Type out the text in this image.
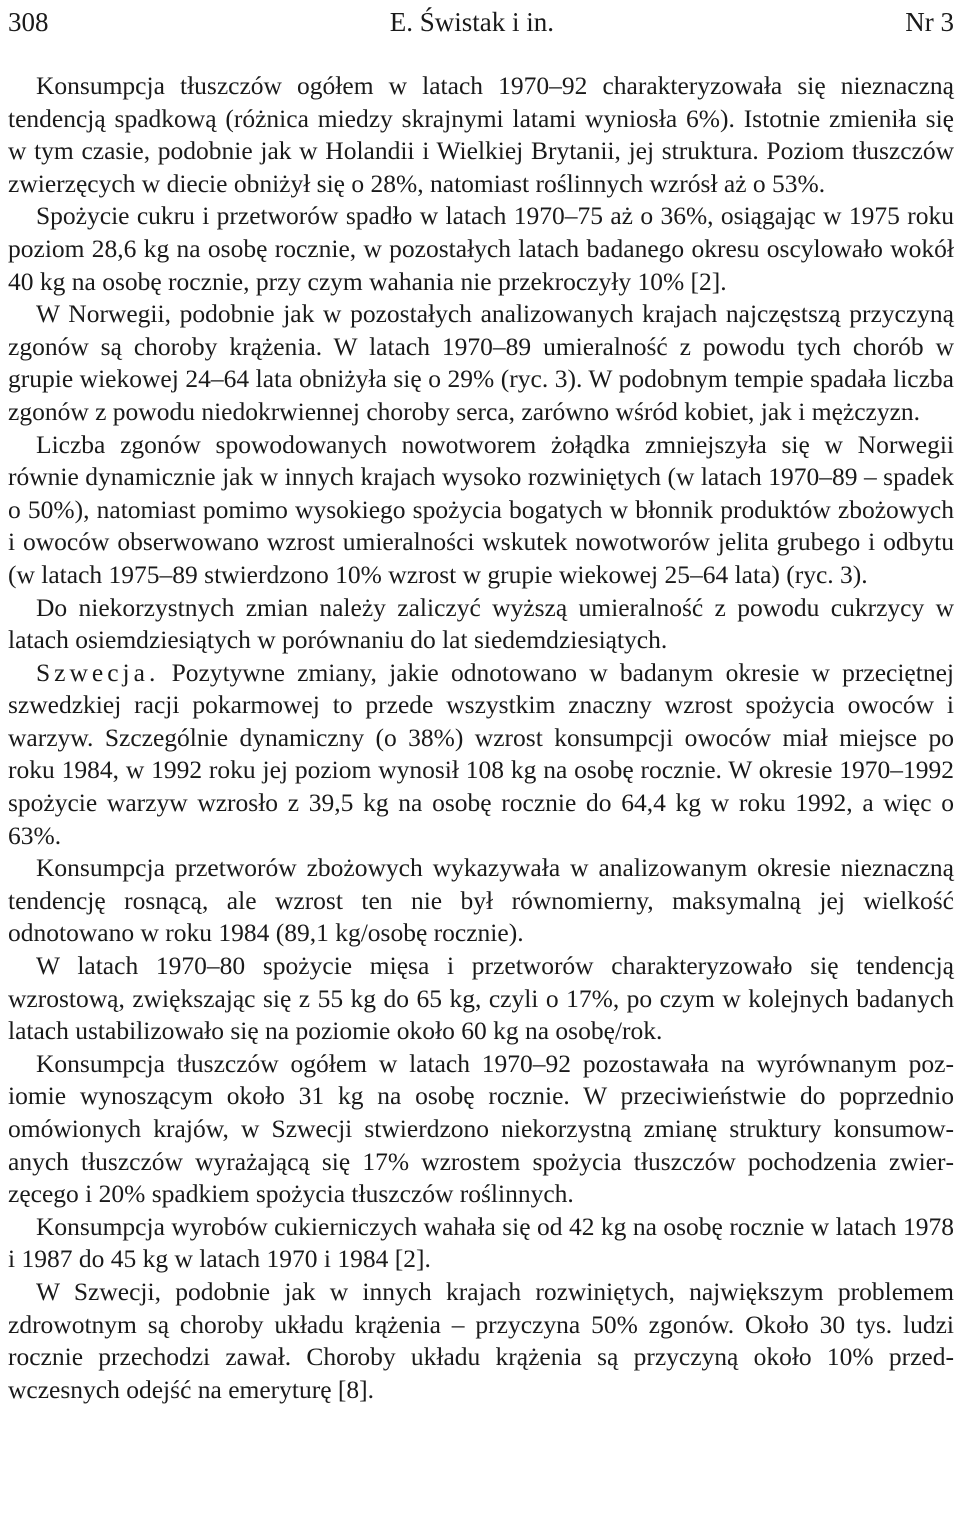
308	E. Świstak i in.	Nr 3

Konsumpcja tłuszczów ogółem w latach 1970–92 charakteryzowała się nieznaczną tendencją spadkową (różnica miedzy skrajnymi latami wyniosła 6%). Istotnie zmieniła się w tym czasie, podobnie jak w Holandii i Wielkiej Brytanii, jej struktura. Poziom tłuszczów zwierzęcych w diecie obniżył się o 28%, natomiast roślinnych wzrósł aż o 53%.

Spożycie cukru i przetworów spadło w latach 1970–75 aż o 36%, osiągając w 1975 roku poziom 28,6 kg na osobę rocznie, w pozostałych latach badanego okresu oscylowało wokół 40 kg na osobę rocznie, przy czym wahania nie przekroczyły 10% [2].

W Norwegii, podobnie jak w pozostałych analizowanych krajach najczęstszą przyczyną zgonów są choroby krążenia. W latach 1970–89 umieralność z powodu tych chorób w grupie wiekowej 24–64 lata obniżyła się o 29% (ryc. 3). W podobnym tempie spadała liczba zgonów z powodu niedokrwiennej choroby serca, zarówno wśród kobiet, jak i mężczyzn.

Liczba zgonów spowodowanych nowotworem żołądka zmniejszyła się w Norwegii równie dynamicznie jak w innych krajach wysoko rozwiniętych (w latach 1970–89 – spadek o 50%), natomiast pomimo wysokiego spożycia bogatych w błonnik produktów zbożowych i owoców obserwowano wzrost umieralności wskutek nowotworów jelita grubego i odbytu (w latach 1975–89 stwierdzono 10% wzrost w grupie wiekowej 25–64 lata) (ryc. 3).

Do niekorzystnych zmian należy zaliczyć wyższą umieralność z powodu cukrzycy w latach osiemdziesiątych w porównaniu do lat siedemdziesiątych.

Szwecja. Pozytywne zmiany, jakie odnotowano w badanym okresie w przeciętnej szwedzkiej racji pokarmowej to przede wszystkim znaczny wzrost spożycia owoców i warzyw. Szczególnie dynamiczny (o 38%) wzrost konsumpcji owoców miał miejsce po roku 1984, w 1992 roku jej poziom wynosił 108 kg na osobę rocznie. W okresie 1970–1992 spożycie warzyw wzrosło z 39,5 kg na osobę rocznie do 64,4 kg w roku 1992, a więc o 63%.

Konsumpcja przetworów zbożowych wykazywała w analizowanym okresie nieznaczną tendencję rosnącą, ale wzrost ten nie był równomierny, maksymalną jej wielkość odnotowano w roku 1984 (89,1 kg/osobę rocznie).

W latach 1970–80 spożycie mięsa i przetworów charakteryzowało się tendencją wzrostową, zwiększając się z 55 kg do 65 kg, czyli o 17%, po czym w kolejnych badanych latach ustabilizowało się na poziomie około 60 kg na osobę/rok.

Konsumpcja tłuszczów ogółem w latach 1970–92 pozostawała na wyrównanym poziomie wynoszącym około 31 kg na osobę rocznie. W przeciwieństwie do poprzednio omówionych krajów, w Szwecji stwierdzono niekorzystną zmianę struktury konsumowanych tłuszczów wyrażającą się 17% wzrostem spożycia tłuszczów pochodzenia zwierzęcego i 20% spadkiem spożycia tłuszczów roślinnych.

Konsumpcja wyrobów cukierniczych wahała się od 42 kg na osobę rocznie w latach 1978 i 1987 do 45 kg w latach 1970 i 1984 [2].

W Szwecji, podobnie jak w innych krajach rozwiniętych, największym problemem zdrowotnym są choroby układu krążenia – przyczyna 50% zgonów. Około 30 tys. ludzi rocznie przechodzi zawał. Choroby układu krążenia są przyczyną około 10% przedwczesnych odejść na emeryturę [8].
